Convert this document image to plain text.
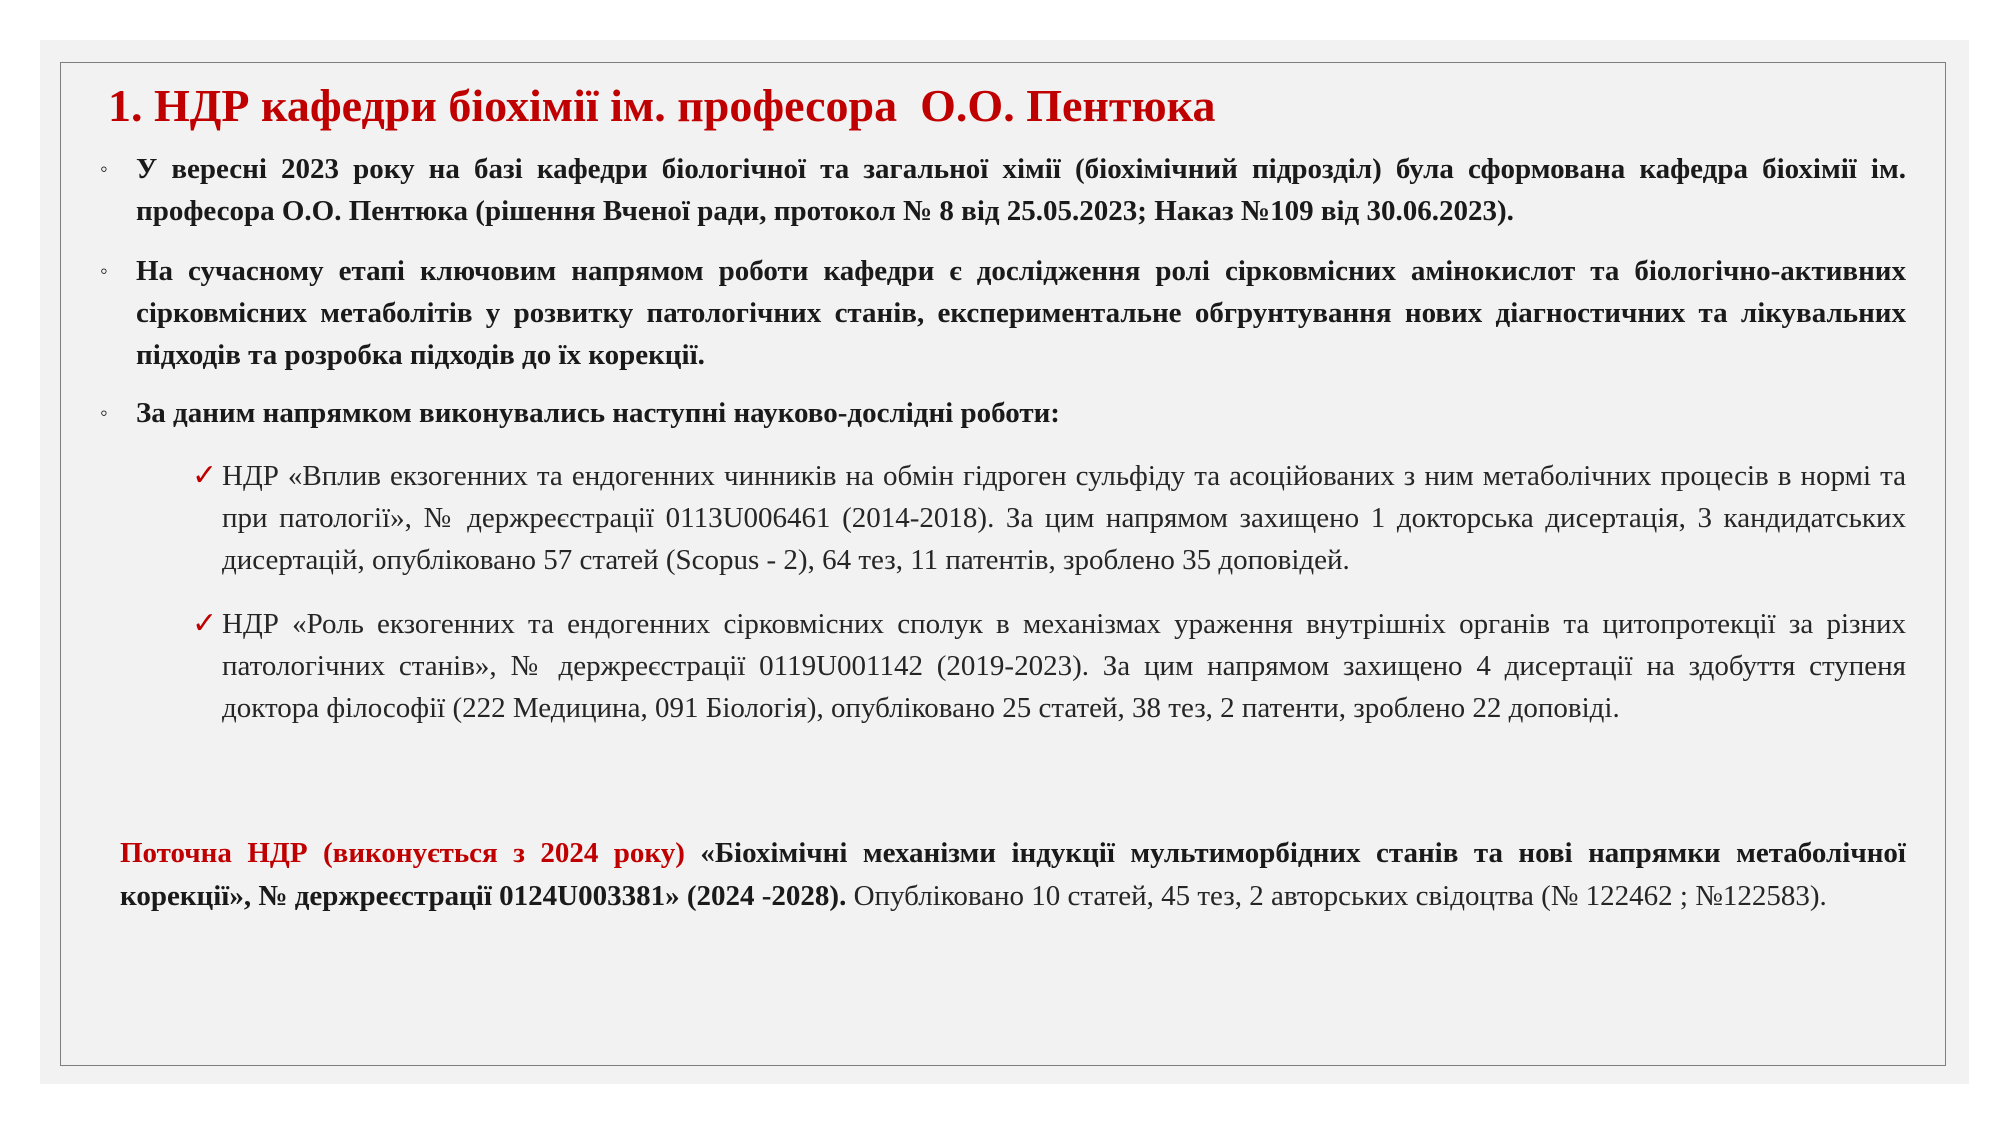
1. НДР кафедри біохімії ім. професора  О.О. Пентюка
◦ У вересні 2023 року на базі кафедри біологічної та загальної хімії (біохімічний підрозділ) була сформована кафедра біохімії ім. професора О.О. Пентюка (рішення Вченої ради, протокол № 8 від 25.05.2023; Наказ №109 від 30.06.2023).
◦ На сучасному етапі ключовим напрямом роботи кафедри є дослідження ролі сірковмісних амінокислот та біологічно-активних сірковмісних метаболітів у розвитку патологічних станів, експериментальне обгрунтування нових діагностичних та лікувальних підходів та розробка підходів до їх корекції.
◦ За даним напрямком виконувались наступні науково-дослідні роботи:
✓ НДР «Вплив екзогенних та ендогенних чинників на обмін гідроген сульфіду та асоційованих з ним метаболічних процесів в нормі та при патології», № держреєстрації 0113U006461 (2014-2018). За цим напрямом захищено 1 докторська дисертація, 3 кандидатських дисертацій, опубліковано 57 статей (Scopus - 2), 64 тез, 11 патентів, зроблено 35 доповідей.
✓ НДР «Роль екзогенних та ендогенних сірковмісних сполук в механізмах ураження внутрішніх органів та цитопротекції за різних патологічних станів», № держреєстрації 0119U001142 (2019-2023). За цим напрямом захищено 4 дисертації на здобуття ступеня доктора філософії (222 Медицина, 091 Біологія), опубліковано 25 статей, 38 тез, 2 патенти, зроблено 22 доповіді.

Поточна НДР (виконується з 2024 року) «Біохімічні механізми індукції мультиморбідних станів та нові напрямки метаболічної корекції», № держреєстрації 0124U003381» (2024 -2028). Опубліковано 10 статей, 45 тез, 2 авторських свідоцтва (№ 122462 ; №122583).
